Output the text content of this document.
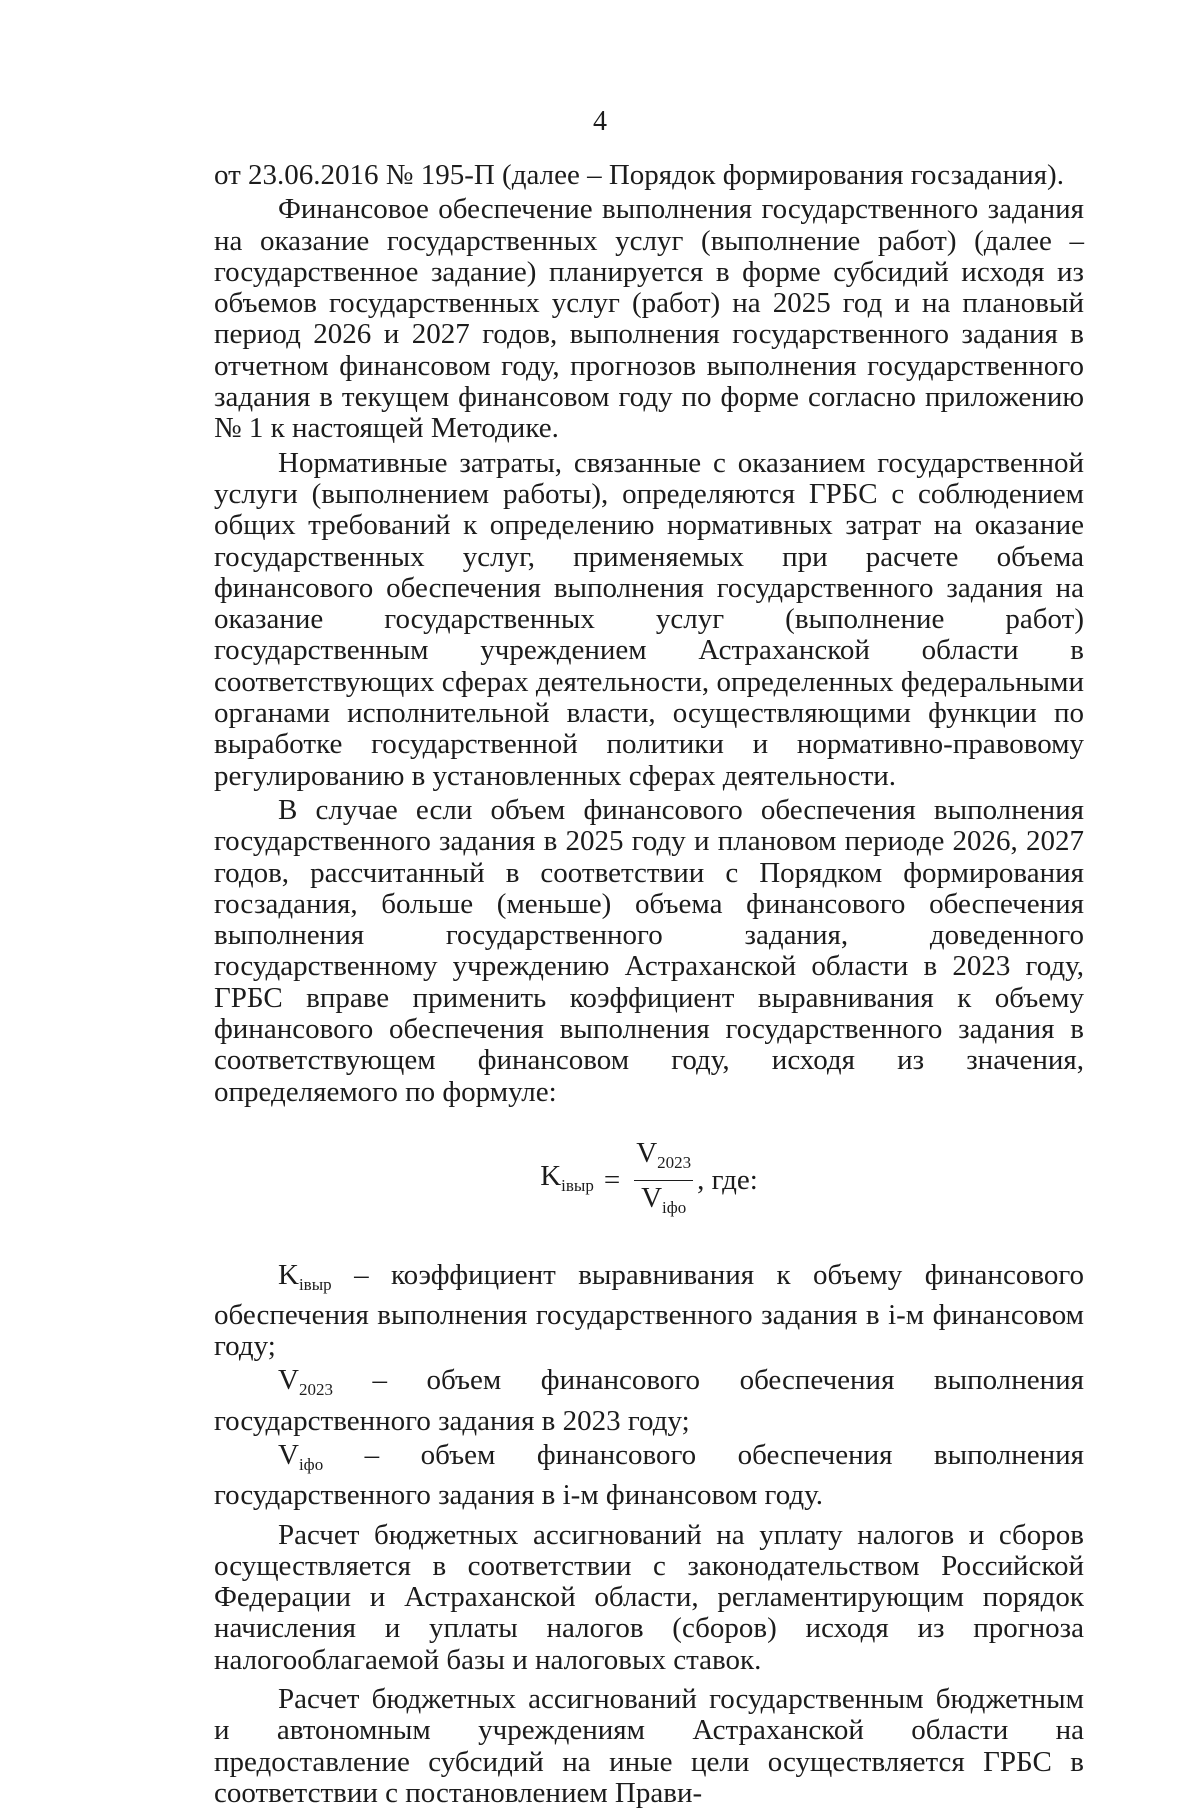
4

от 23.06.2016 № 195-П (далее – Порядок формирования госзадания).

Финансовое обеспечение выполнения государственного задания на оказание государственных услуг (выполнение работ) (далее – государственное задание) планируется в форме субсидий исходя из объемов государственных услуг (работ) на 2025 год и на плановый период 2026 и 2027 годов, выполнения государственного задания в отчетном финансовом году, прогнозов выполнения государственного задания в текущем финансовом году по форме согласно приложению № 1 к настоящей Методике.

Нормативные затраты, связанные с оказанием государственной услуги (выполнением работы), определяются ГРБС с соблюдением общих требований к определению нормативных затрат на оказание государственных услуг, применяемых при расчете объема финансового обеспечения выполнения государственного задания на оказание государственных услуг (выполнение работ) государственным учреждением Астраханской области в соответствующих сферах деятельности, определенных федеральными органами исполнительной власти, осуществляющими функции по выработке государственной политики и нормативно-правовому регулированию в установленных сферах деятельности.

В случае если объем финансового обеспечения выполнения государственного задания в 2025 году и плановом периоде 2026, 2027 годов, рассчитанный в соответствии с Порядком формирования госзадания, больше (меньше) объема финансового обеспечения выполнения государственного задания, доведенного государственному учреждению Астраханской области в 2023 году, ГРБС вправе применить коэффициент выравнивания к объему финансового обеспечения выполнения государственного задания в соответствующем финансовом году, исходя из значения, определяемого по формуле:

$K_{iвыр} = \frac{V_{2023}}{V_{iфо}}$ , где:

$K_{iвыр}$ – коэффициент выравнивания к объему финансового обеспечения выполнения государственного задания в i-м финансовом году;

$V_{2023}$ – объем финансового обеспечения выполнения государственного задания в 2023 году;

$V_{iфо}$ – объем финансового обеспечения выполнения государственного задания в i-м финансовом году.

Расчет бюджетных ассигнований на уплату налогов и сборов осуществляется в соответствии с законодательством Российской Федерации и Астраханской области, регламентирующим порядок начисления и уплаты налогов (сборов) исходя из прогноза налогооблагаемой базы и налоговых ставок.

Расчет бюджетных ассигнований государственным бюджетным и автономным учреждениям Астраханской области на предоставление субсидий на иные цели осуществляется ГРБС в соответствии с постановлением Прави-
